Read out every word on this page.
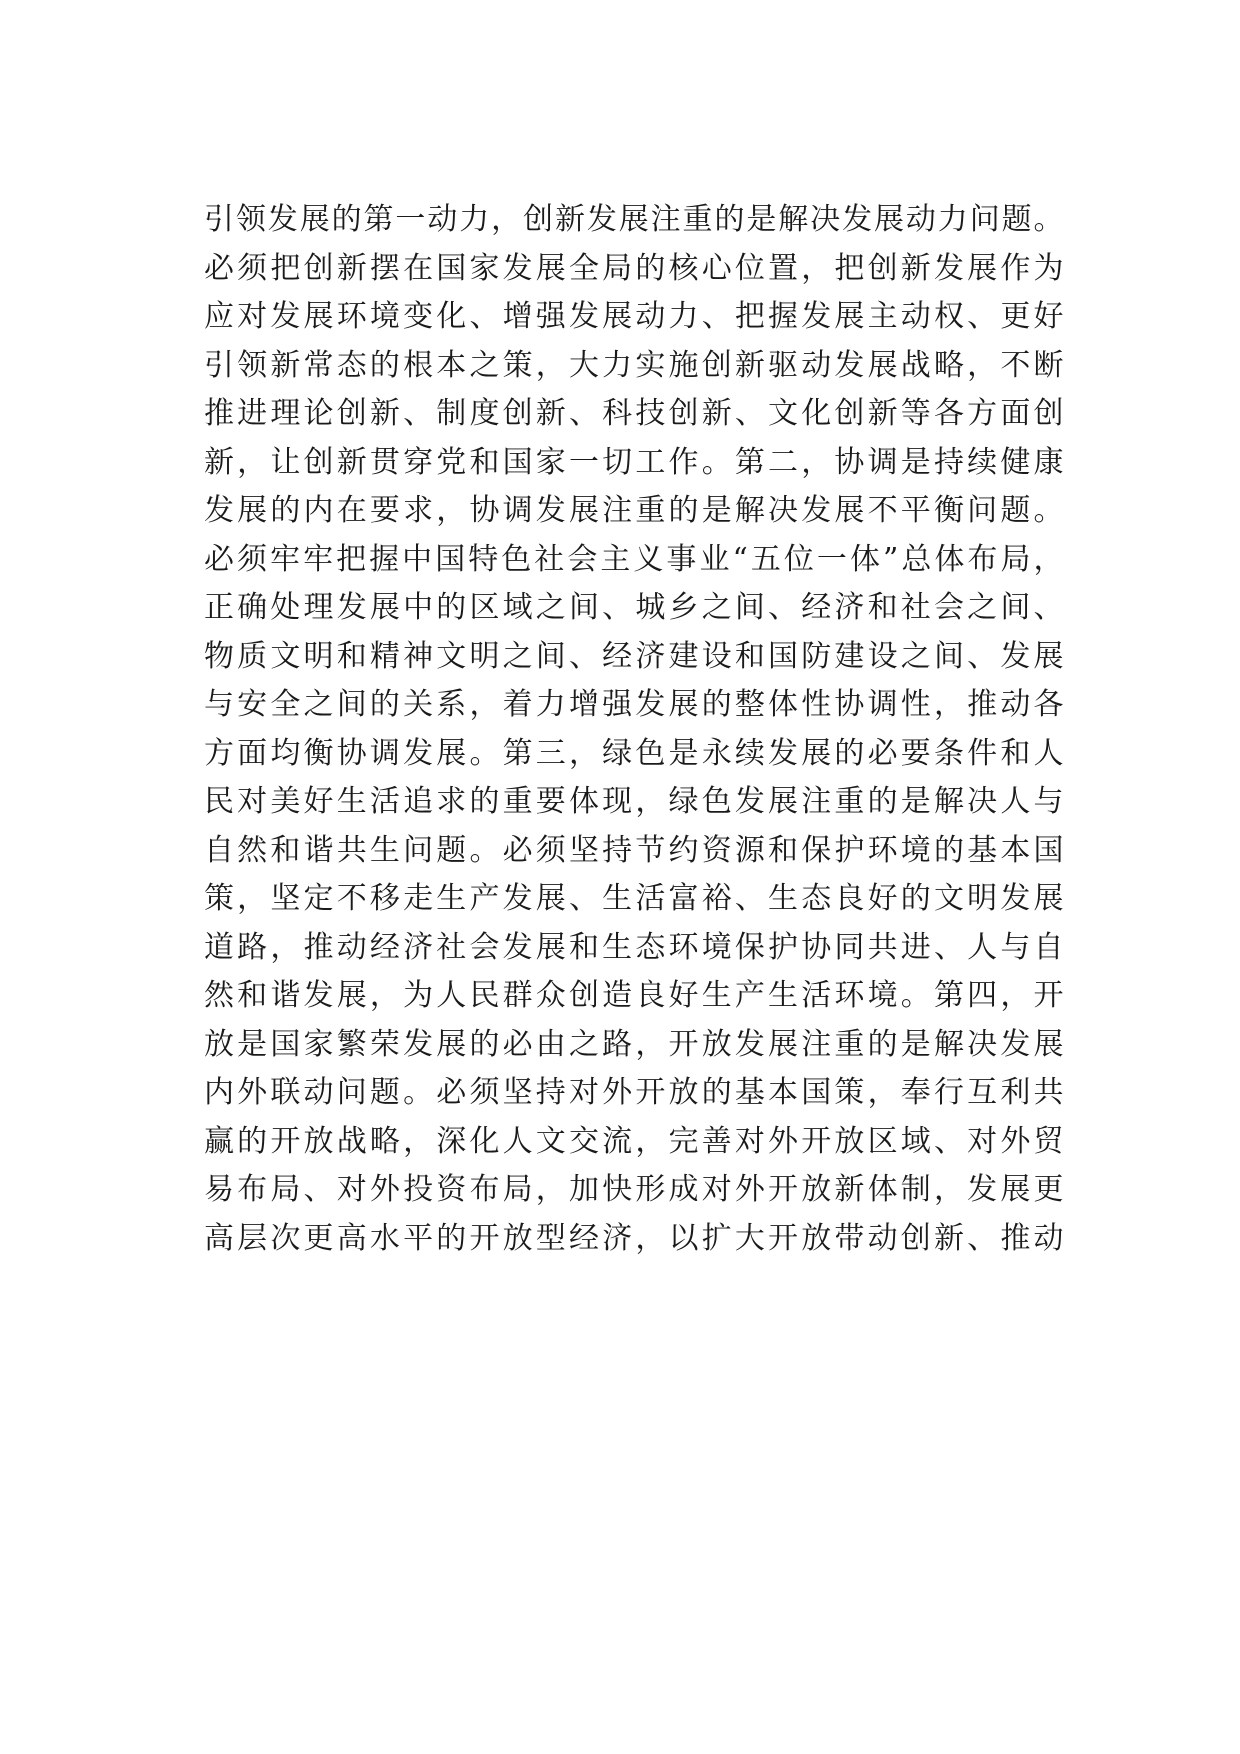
引领发展的第一动力，创新发展注重的是解决发展动力问题。
必须把创新摆在国家发展全局的核心位置，把创新发展作为
应对发展环境变化、增强发展动力、把握发展主动权、更好
引领新常态的根本之策，大力实施创新驱动发展战略，不断
推进理论创新、制度创新、科技创新、文化创新等各方面创
新，让创新贯穿党和国家一切工作。第二，协调是持续健康
发展的内在要求，协调发展注重的是解决发展不平衡问题。
必须牢牢把握中国特色社会主义事业“五位一体”总体布局，
正确处理发展中的区域之间、城乡之间、经济和社会之间、
物质文明和精神文明之间、经济建设和国防建设之间、发展
与安全之间的关系，着力增强发展的整体性协调性，推动各
方面均衡协调发展。第三，绿色是永续发展的必要条件和人
民对美好生活追求的重要体现，绿色发展注重的是解决人与
自然和谐共生问题。必须坚持节约资源和保护环境的基本国
策，坚定不移走生产发展、生活富裕、生态良好的文明发展
道路，推动经济社会发展和生态环境保护协同共进、人与自
然和谐发展，为人民群众创造良好生产生活环境。第四，开
放是国家繁荣发展的必由之路，开放发展注重的是解决发展
内外联动问题。必须坚持对外开放的基本国策，奉行互利共
赢的开放战略，深化人文交流，完善对外开放区域、对外贸
易布局、对外投资布局，加快形成对外开放新体制，发展更
高层次更高水平的开放型经济，以扩大开放带动创新、推动
